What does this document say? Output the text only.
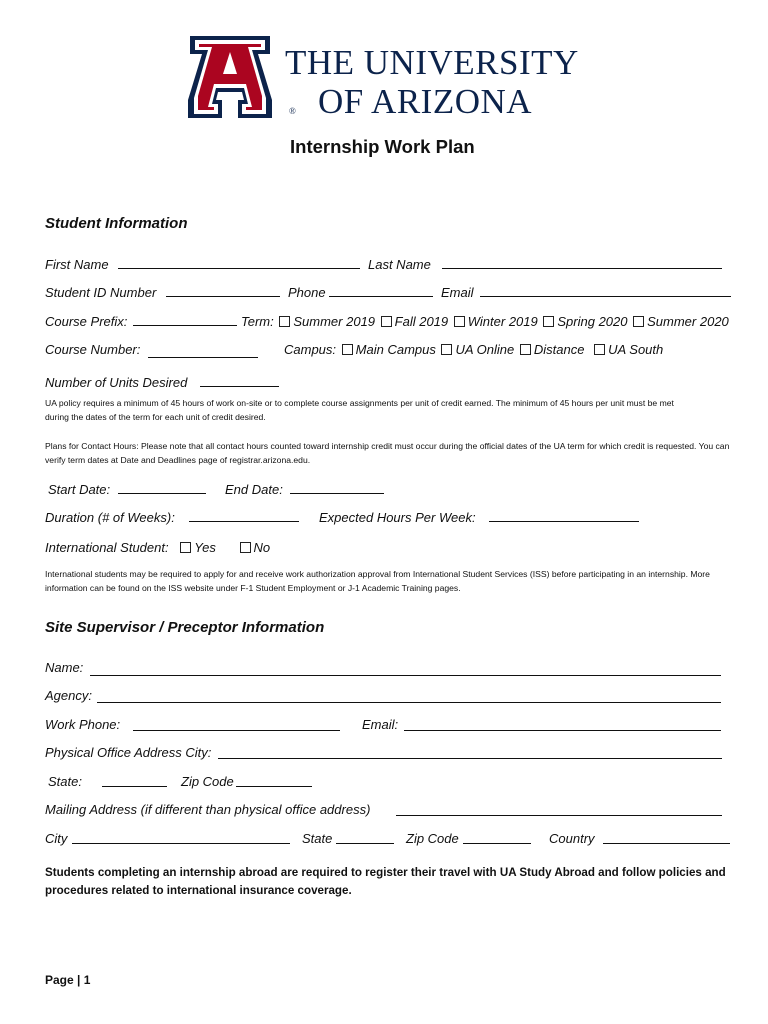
THE UNIVERSITY
® OF ARIZONA
Internship Work Plan
Student Information
First Name	Last Name
Student ID Number	Phone	Email
Course Prefix:	Term: Summer 2019 Fall 2019 Winter 2019 Spring 2020 Summer 2020
Course Number:	Campus: Main Campus UA Online Distance UA South
Number of Units Desired
UA policy requires a minimum of 45 hours of work on-site or to complete course assignments per unit of credit earned. The minimum of 45 hours per unit must be met during the dates of the term for each unit of credit desired.
Plans for Contact Hours: Please note that all contact hours counted toward internship credit must occur during the official dates of the UA term for which credit is requested. You can verify term dates at Date and Deadlines page of registrar.arizona.edu.
Start Date:	End Date:
Duration (# of Weeks):	Expected Hours Per Week:
International Student: Yes	No
International students may be required to apply for and receive work authorization approval from International Student Services (ISS) before participating in an internship. More information can be found on the ISS website under F-1 Student Employment or J-1 Academic Training pages.
Site Supervisor / Preceptor Information
Name:
Agency:
Work Phone:	Email:
Physical Office Address City:
State:	Zip Code
Mailing Address (if different than physical office address)
City	State	Zip Code	Country
Students completing an internship abroad are required to register their travel with UA Study Abroad and follow policies and procedures related to international insurance coverage.
Page | 1
